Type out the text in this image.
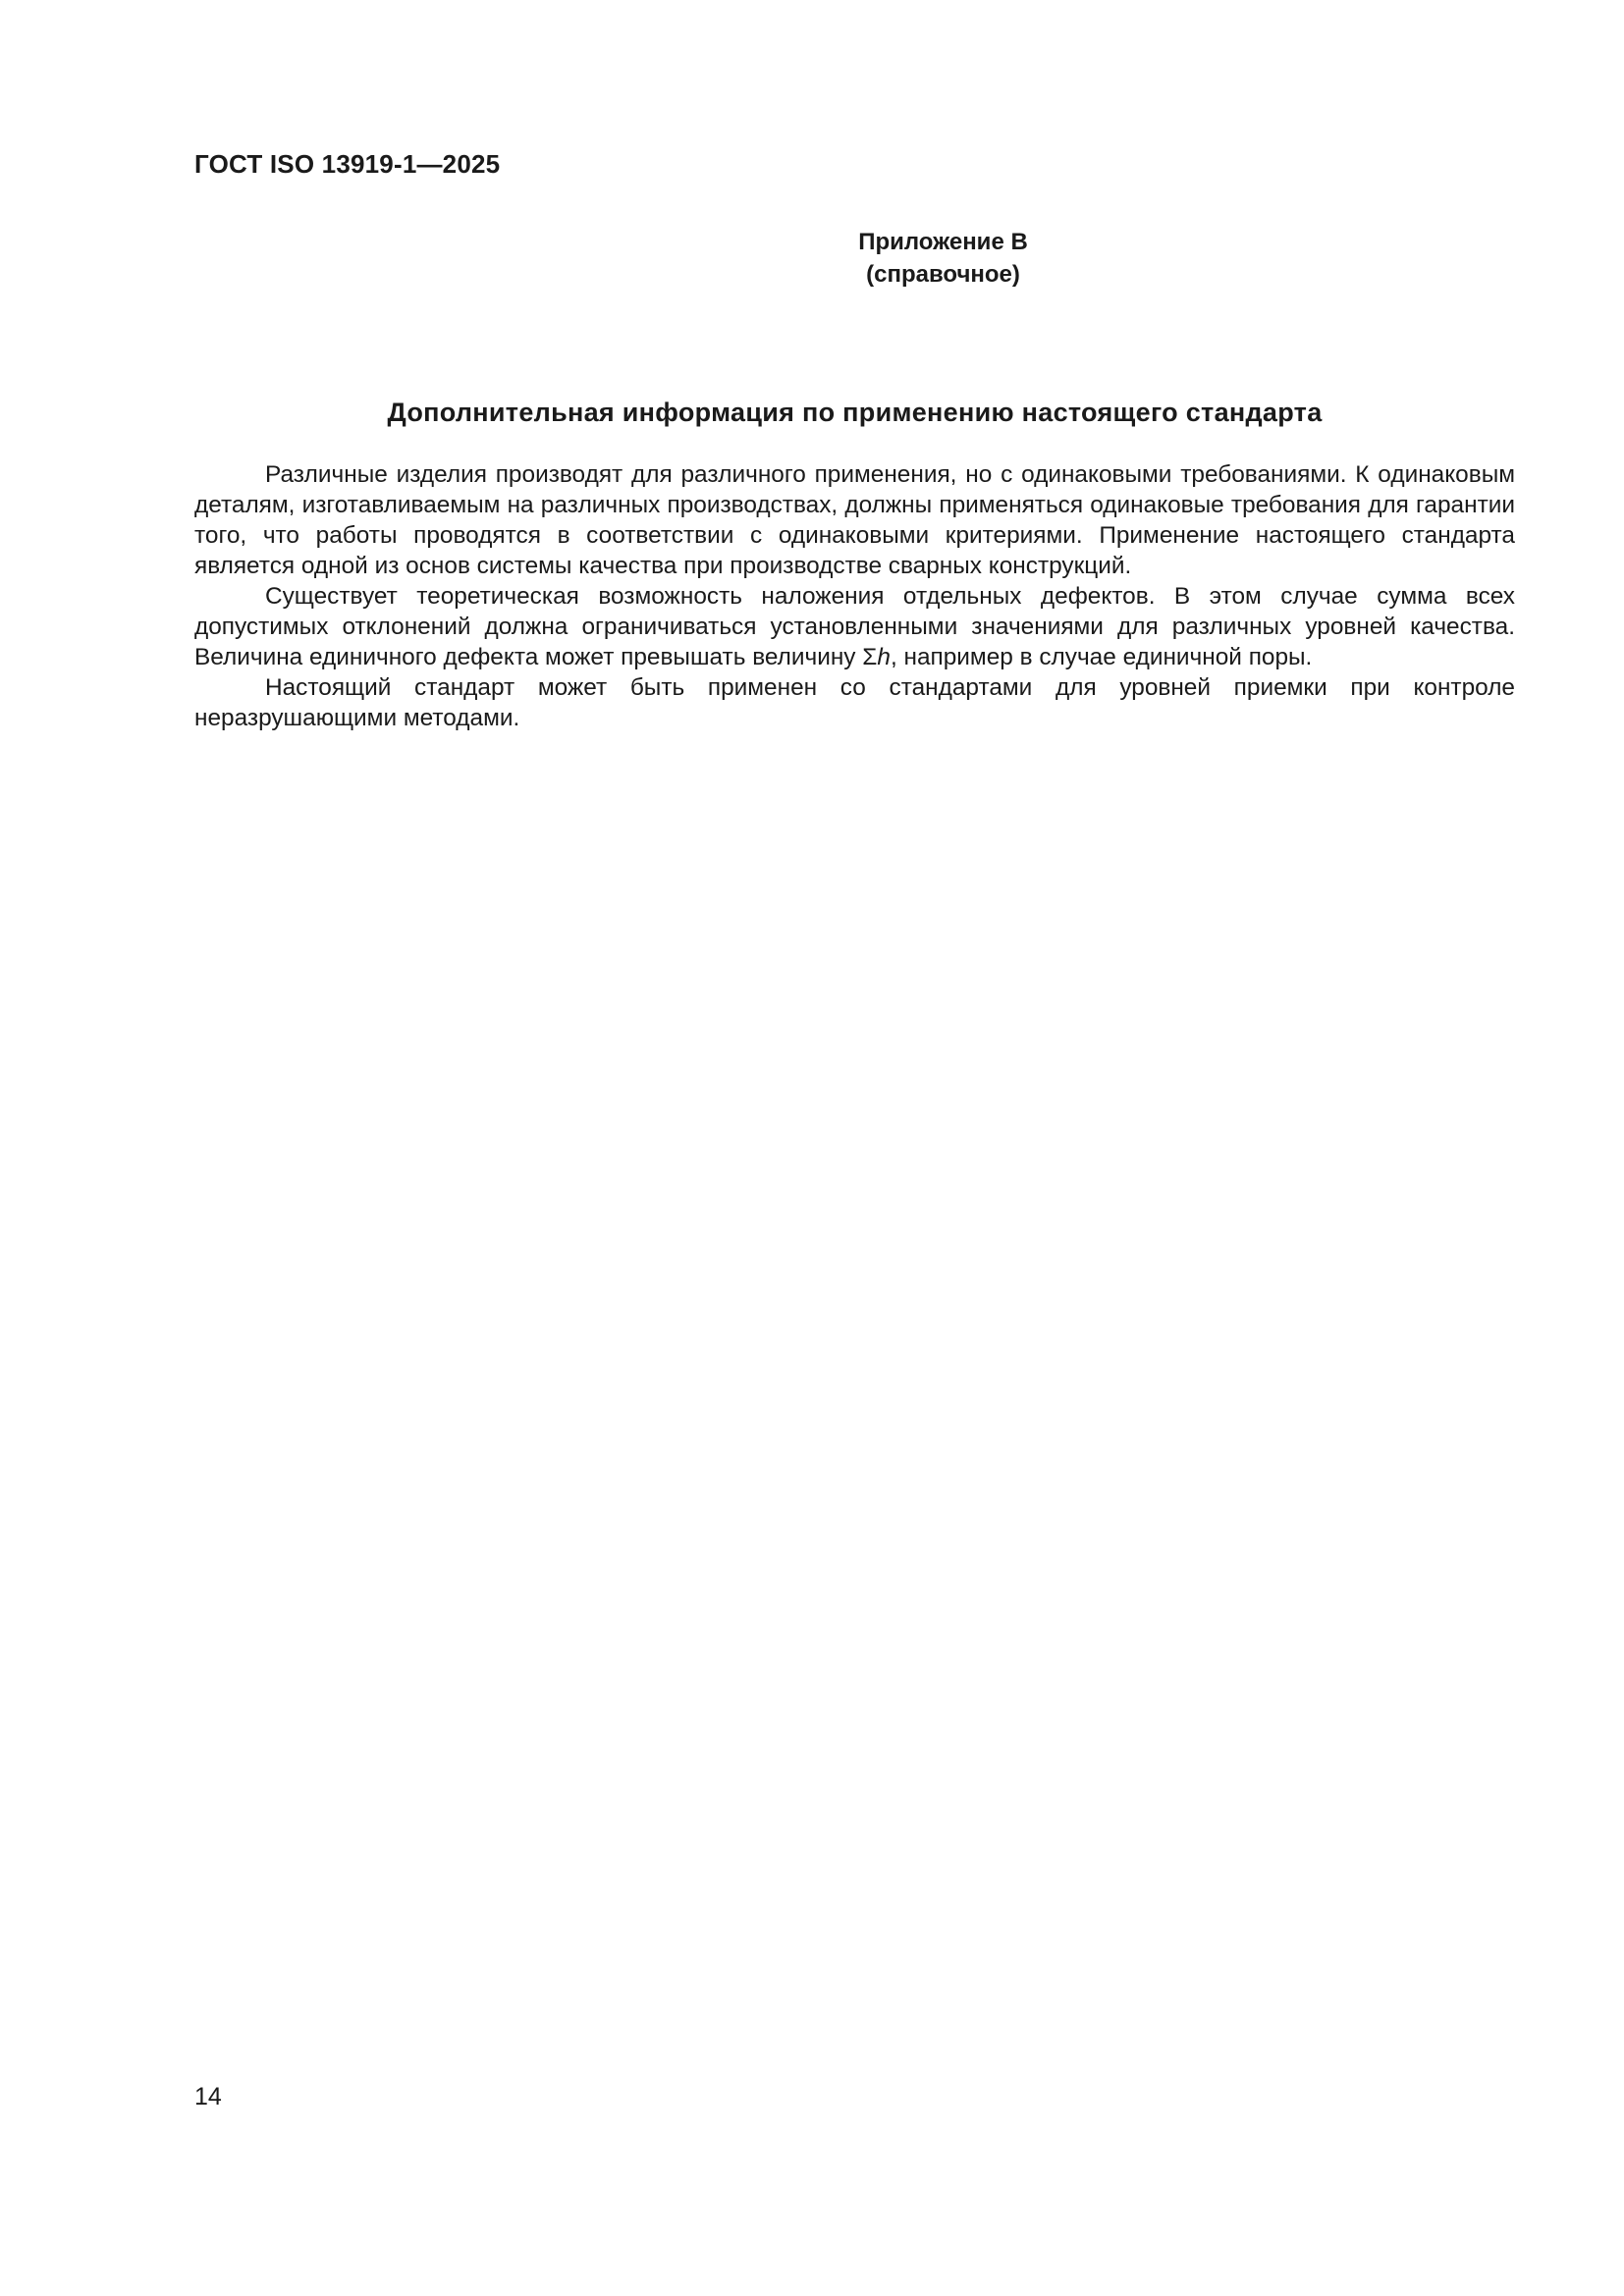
ГОСТ ISO 13919-1—2025
Приложение В
(справочное)
Дополнительная информация по применению настоящего стандарта

Различные изделия производят для различного применения, но с одинаковыми требованиями. К одинаковым деталям, изготавливаемым на различных производствах, должны применяться одинаковые требования для гарантии того, что работы проводятся в соответствии с одинаковыми критериями. Применение настоящего стандарта является одной из основ системы качества при производстве сварных конструкций.

Существует теоретическая возможность наложения отдельных дефектов. В этом случае сумма всех допустимых отклонений должна ограничиваться установленными значениями для различных уровней качества. Величина единичного дефекта может превышать величину Σh, например в случае единичной поры.

Настоящий стандарт может быть применен со стандартами для уровней приемки при контроле неразрушающими методами.

14
